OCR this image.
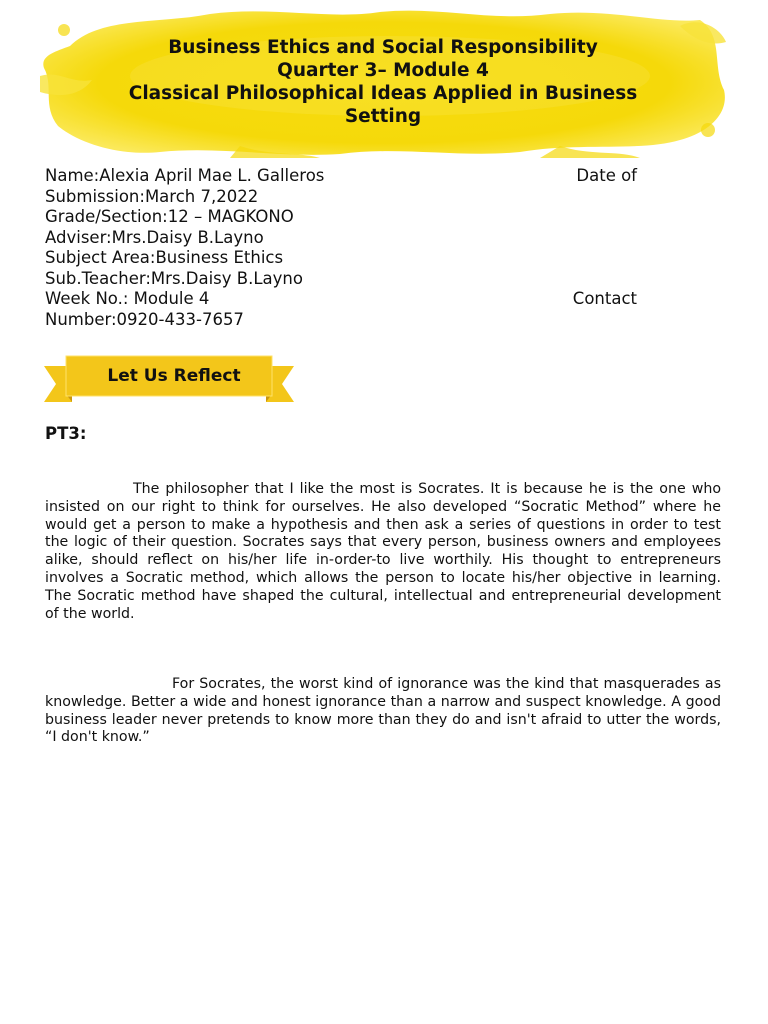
Business Ethics and Social Responsibility
Quarter 3– Module 4
Classical Philosophical Ideas Applied in Business
Setting
Name:Alexia April Mae L. Galleros	Date of
Submission:March 7,2022
Grade/Section:12 – MAGKONO
Adviser:Mrs.Daisy B.Layno
Subject Area:Business Ethics
Sub.Teacher:Mrs.Daisy B.Layno
Week No.: Module 4	Contact
Number:0920-433-7657
Let Us Reflect
PT3:
The philosopher that I like the most is Socrates. It is because he is the one who insisted on our right to think for ourselves. He also developed “Socratic Method” where he would get a person to make a hypothesis and then ask a series of questions in order to test the logic of their question. Socrates says that every person, business owners and employees alike, should reflect on his/her life in-order-to live worthily. His thought to entrepreneurs involves a Socratic method, which allows the person to locate his/her objective in learning. The Socratic method have shaped the cultural, intellectual and entrepreneurial development of the world.
For Socrates, the worst kind of ignorance was the kind that masquerades as knowledge. Better a wide and honest ignorance than a narrow and suspect knowledge. A good business leader never pretends to know more than they do and isn't afraid to utter the words, “I don't know.”
